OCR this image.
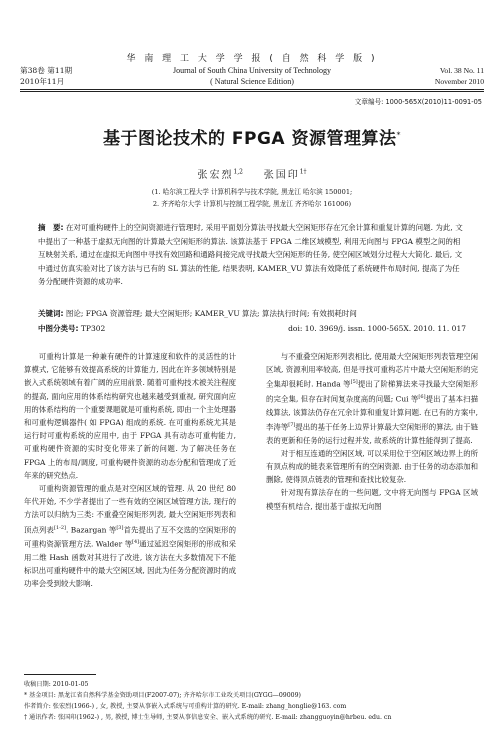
第38卷 第11期
2010年11月
华 南 理 工 大 学 学 报 ( 自 然 科 学 版 )
Journal of South China University of Technology
( Natural Science Edition)
Vol. 38 No. 11
November 2010
文章编号: 1000-565X(2010)11-0091-05
基于图论技术的 FPGA 资源管理算法*
张宏烈$^{1,2}$ 张国印$^{1\dagger}$
(1. 哈尔滨工程大学 计算机科学与技术学院, 黑龙江 哈尔滨 150001;
2. 齐齐哈尔大学 计算机与控制工程学院, 黑龙江 齐齐哈尔 161006)
摘　要: 在对可重构硬件上的空间资源进行管理时, 采用平面划分算法寻找最大空闲矩形存在冗余计算和重复计算的问题. 为此, 文中提出了一种基于虚拟无向图的计算最大空闲矩形的算法. 该算法基于 FPGA 二维区域模型, 利用无向图与 FPGA 模型之间的相互映射关系, 通过在虚拟无向图中寻找有效回路和通路间接完成寻找最大空闲矩形的任务, 使空闲区域划分过程大大简化. 最后, 文中通过仿真实验对比了该方法与已有的 SL 算法的性能, 结果表明, KAMER_VU 算法有效降低了系统硬件布局时间, 提高了为任务分配硬件资源的成功率.
关键词: 图论; FPGA 资源管理; 最大空闲矩形; KAMER_VU 算法; 算法执行时间; 有效损耗时间
中图分类号: TP302	doi: 10. 3969/j. issn. 1000-565X. 2010. 11. 017

可重构计算是一种兼有硬件的计算速度和软件的灵活性的计算模式, 它能够有效提高系统的计算能力, 因此在许多领域特别是嵌入式系统领域有着广阔的应用前景. 随着可重构技术被关注程度的提高, 面向应用的体系结构研究也越来越受到重视, 研究面向应用的体系结构的一个重要课题就是可重构系统, 即由一个主处理器和可重构逻辑器件( 如 FPGA) 组成的系统. 在可重构系统尤其是运行时可重构系统的应用中, 由于 FPGA 具有动态可重构能力, 可重构硬件资源的实时变化带来了新的问题. 为了解决任务在 FPGA 上的布局/调度, 可重构硬件资源的动态分配和管理成了近年来的研究热点.

可重构资源管理的重点是对空闲区域的管理. 从 20 世纪 80 年代开始, 不少学者提出了一些有效的空闲区域管理方法, 现行的方法可以归纳为三类: 不重叠空闲矩形列表, 最大空闲矩形列表和顶点列表[1-2]. Bazargan 等[3]首先提出了互不交迭的空闲矩形的可重构资源管理方法. Walder 等[4]通过延迟空闲矩形的形成和采用二维 Hash 函数对其进行了改进, 该方法在大多数情况下不能标识出可重构硬件中的最大空闲区域, 因此为任务分配资源时的成功率会受到较大影响.

与不重叠空闲矩形列表相比, 使用最大空闲矩形列表管理空闲区域, 资源利用率较高, 但是寻找可重构芯片中最大空闲矩形的完全集却很耗时. Handa 等[5]提出了阶梯算法来寻找最大空闲矩形的完全集, 但存在时间复杂度高的问题; Cui 等[6]提出了基本扫描线算法, 该算法仍存在冗余计算和重复计算问题. 在已有的方案中, 李涛等[7]提出的基于任务上边界计算最大空闲矩形的算法, 由于链表的更新和任务的运行过程并发, 故系统的计算性能得到了提高.

对于相互连通的空闲区域, 可以采用位于空闲区域边界上的所有顶点构成的链表来管理所有的空闲资源. 由于任务的动态添加和删除, 使得顶点链表的管理和查找比较复杂.

针对现有算法存在的一些问题, 文中将无向图与 FPGA 区域模型有机结合, 提出基于虚拟无向图

收稿日期: 2010-01-05
* 基金项目: 黑龙江省自然科学基金资助项目(F2007-07); 齐齐哈尔市工业攻关项目(GYGG—09009)
作者简介: 张宏烈(1966-) , 女, 教授, 主要从事嵌入式系统与可重构计算的研究. E-mail: zhang_honglie@163. com
† 通讯作者: 张国印(1962-) , 男, 教授, 博士生导师, 主要从事信息安全、嵌入式系统的研究. E-mail: zhangguoyin@hrbeu. edu. cn
